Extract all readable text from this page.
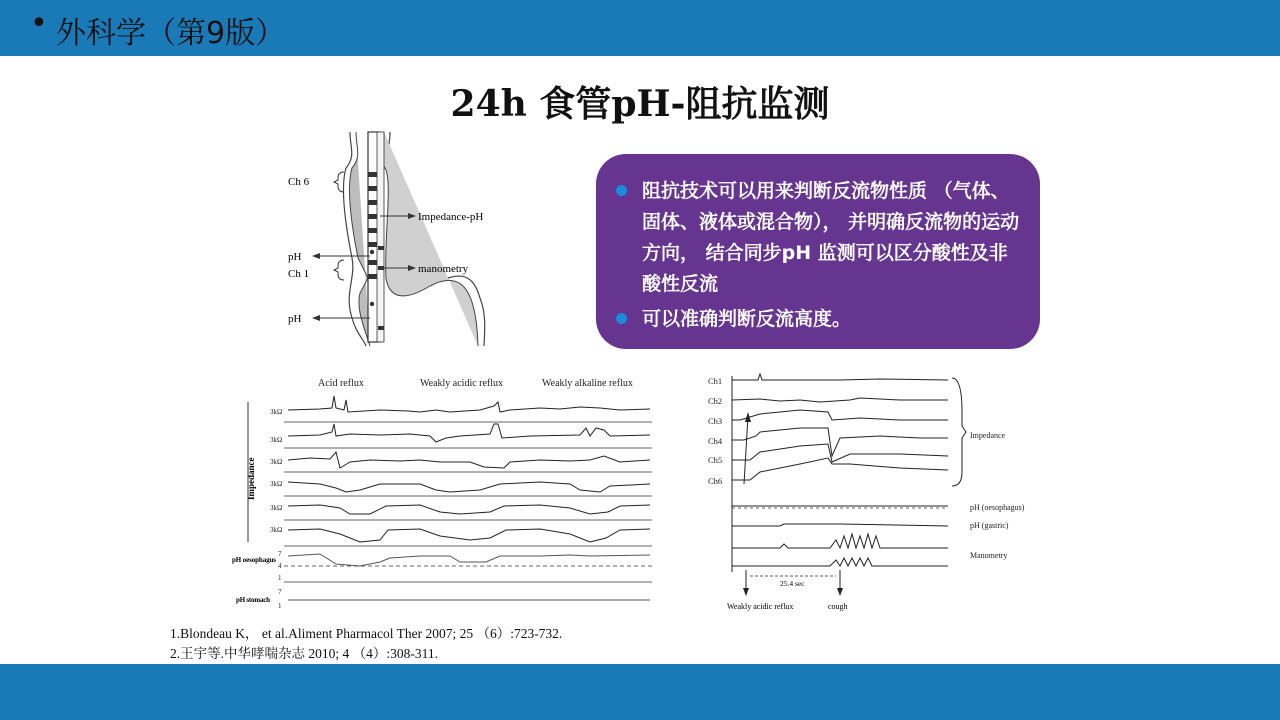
• 外科学（第9版）
24h 食管pH-阻抗监测
Ch 6
Impedance-pH
pH
Ch 1	manometry
pH
阻抗技术可以用来判断反流物性质 （气体、固体、液体或混合物）， 并明确反流物的运动方向， 结合同步pH 监测可以区分酸性及非酸性反流
可以准确判断反流高度。
Acid reflux	Weakly acidic reflux	Weakly alkaline reflux
Impedance
3kΩ
3kΩ
3kΩ
3kΩ
3kΩ
3kΩ
7
4
1
7
1
pH oesophagus
pH stomach
Ch1
Ch2
Ch3
Ch4
Ch5
Ch6
Impedance
pH (oesophagus)
pH (gastric)
Manometry
25.4 sec
Weakly acidic reflux	cough
1.Blondeau K， et al.Aliment Pharmacol Ther 2007; 25 （6）:723-732.
2.王宇等.中华哮喘杂志 2010; 4 （4）:308-311.
